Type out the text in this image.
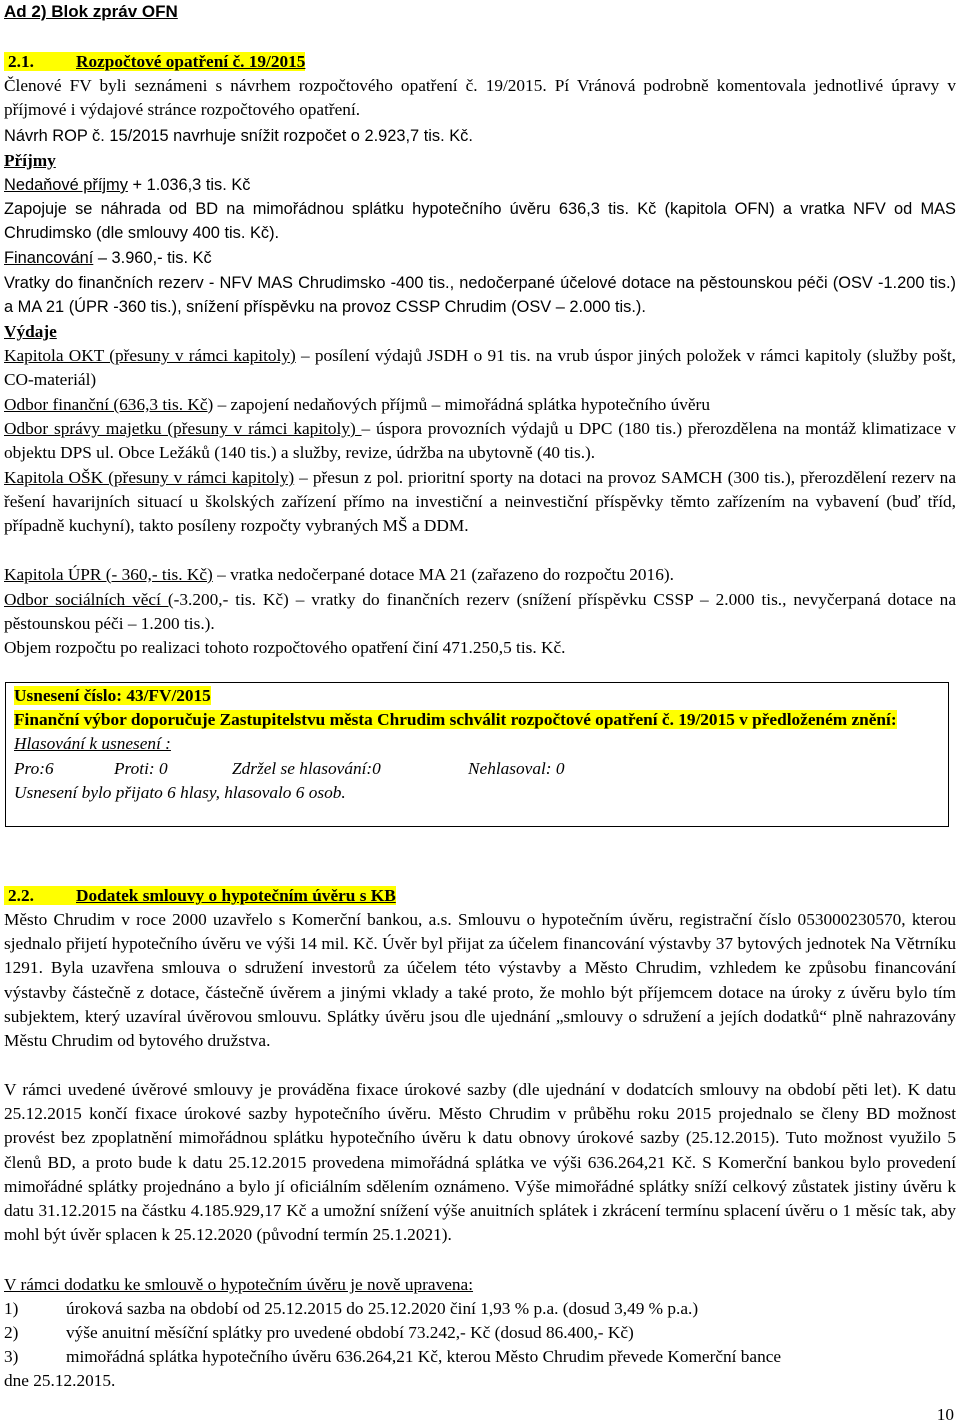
Ad 2) Blok zpráv OFN
2.1. Rozpočtové opatření č. 19/2015

Členové FV byli seznámeni s návrhem rozpočtového opatření č. 19/2015. Pí Vránová podrobně komentovala jednotlivé úpravy v příjmové i výdajové stránce rozpočtového opatření.

Návrh ROP č. 15/2015 navrhuje snížit rozpočet o 2.923,7 tis. Kč.

Příjmy
Nedaňové příjmy + 1.036,3 tis. Kč

Zapojuje se náhrada od BD na mimořádnou splátku hypotečního úvěru 636,3 tis. Kč (kapitola OFN) a vratka NFV od MAS Chrudimsko (dle smlouvy 400 tis. Kč).

Financování – 3.960,- tis. Kč

Vratky do finančních rezerv - NFV MAS Chrudimsko -400 tis., nedočerpané účelové dotace na pěstounskou péči (OSV -1.200 tis.) a MA 21 (ÚPR -360 tis.), snížení příspěvku na provoz CSSP Chrudim (OSV – 2.000 tis.).

Výdaje

Kapitola OKT (přesuny v rámci kapitoly) – posílení výdajů JSDH o 91 tis. na vrub úspor jiných položek v rámci kapitoly (služby pošt, CO-materiál)

Odbor finanční (636,3 tis. Kč) – zapojení nedaňových příjmů – mimořádná splátka hypotečního úvěru

Odbor správy majetku (přesuny v rámci kapitoly) – úspora provozních výdajů u DPC (180 tis.) přerozdělena na montáž klimatizace v objektu DPS ul. Obce Ležáků (140 tis.) a služby, revize, údržba na ubytovně (40 tis.).

Kapitola OŠK (přesuny v rámci kapitoly) – přesun z pol. prioritní sporty na dotaci na provoz SAMCH (300 tis.), přerozdělení rezerv na řešení havarijních situací u školských zařízení přímo na investiční a neinvestiční příspěvky těmto zařízením na vybavení (buď tříd, případně kuchyní), takto posíleny rozpočty vybraných MŠ a DDM.

Kapitola ÚPR (- 360,- tis. Kč) – vratka nedočerpané dotace MA 21 (zařazeno do rozpočtu 2016).

Odbor sociálních věcí (-3.200,- tis. Kč) – vratky do finančních rezerv (snížení příspěvku CSSP – 2.000 tis., nevyčerpaná dotace na pěstounskou péči – 1.200 tis.).

Objem rozpočtu po realizaci tohoto rozpočtového opatření činí 471.250,5 tis. Kč.

Usnesení číslo: 43/FV/2015
Finanční výbor doporučuje Zastupitelstvu města Chrudim schválit rozpočtové opatření č. 19/2015 v předloženém znění:
Hlasování k usnesení :
Pro:6	Proti: 0	Zdržel se hlasování:0	Nehlasoval: 0
Usnesení bylo přijato 6 hlasy, hlasovalo 6 osob.
2.2. Dodatek smlouvy o hypotečním úvěru s KB

Město Chrudim v roce 2000 uzavřelo s Komerční bankou, a.s. Smlouvu o hypotečním úvěru, registrační číslo 053000230570, kterou sjednalo přijetí hypotečního úvěru ve výši 14 mil. Kč. Úvěr byl přijat za účelem financování výstavby 37 bytových jednotek Na Větrníku 1291. Byla uzavřena smlouva o sdružení investorů za účelem této výstavby a Město Chrudim, vzhledem ke způsobu financování výstavby částečně z dotace, částečně úvěrem a jinými vklady a také proto, že mohlo být příjemcem dotace na úroky z úvěru bylo tím subjektem, který uzavíral úvěrovou smlouvu. Splátky úvěru jsou dle ujednání „smlouvy o sdružení a jejích dodatků“ plně nahrazovány Městu Chrudim od bytového družstva.

V rámci uvedené úvěrové smlouvy je prováděna fixace úrokové sazby (dle ujednání v dodatcích smlouvy na období pěti let). K datu 25.12.2015 končí fixace úrokové sazby hypotečního úvěru. Město Chrudim v průběhu roku 2015 projednalo se členy BD možnost provést bez zpoplatnění mimořádnou splátku hypotečního úvěru k datu obnovy úrokové sazby (25.12.2015). Tuto možnost využilo 5 členů BD, a proto bude k datu 25.12.2015 provedena mimořádná splátka ve výši 636.264,21 Kč. S Komerční bankou bylo provedení mimořádné splátky projednáno a bylo jí oficiálním sdělením oznámeno. Výše mimořádné splátky sníží celkový zůstatek jistiny úvěru k datu 31.12.2015 na částku 4.185.929,17 Kč a umožní snížení výše anuitních splátek i zkrácení termínu splacení úvěru o 1 měsíc tak, aby mohl být úvěr splacen k 25.12.2020 (původní termín 25.1.2021).

V rámci dodatku ke smlouvě o hypotečním úvěru je nově upravena:
1)	úroková sazba na období od 25.12.2015 do 25.12.2020 činí 1,93 % p.a. (dosud 3,49 % p.a.)
2)	výše anuitní měsíční splátky pro uvedené období 73.242,- Kč (dosud 86.400,- Kč)
3)	mimořádná splátka hypotečního úvěru 636.264,21 Kč, kterou Město Chrudim převede Komerční bance
dne 25.12.2015.
10
